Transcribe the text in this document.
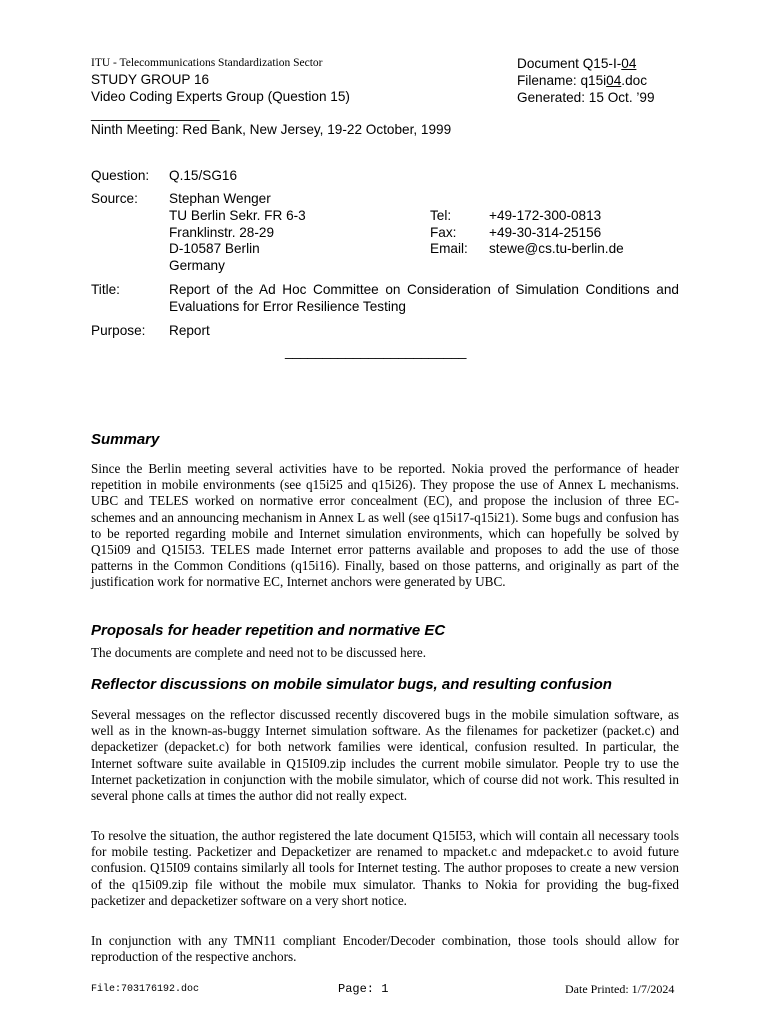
ITU - Telecommunications Standardization Sector
STUDY GROUP 16
Video Coding Experts Group (Question 15)
_________________
Ninth Meeting: Red Bank, New Jersey, 19-22 October, 1999
Document Q15-I-04
Filename: q15i04.doc
Generated: 15 Oct. ’99
Question: Q.15/SG16
Source: Stephan Wenger
TU Berlin Sekr. FR 6-3
Franklinstr. 28-29
D-10587 Berlin
Germany
Tel:	+49-172-300-0813
Fax: +49-30-314-25156
Email: stewe@cs.tu-berlin.de
Title:	Report of the Ad Hoc Committee on Consideration of Simulation Conditions and Evaluations for Error Resilience Testing
Purpose: Report
________________________
Summary
Since the Berlin meeting several activities have to be reported. Nokia proved the performance of header repetition in mobile environments (see q15i25 and q15i26). They propose the use of Annex L mechanisms. UBC and TELES worked on normative error concealment (EC), and propose the inclusion of three EC-schemes and an announcing mechanism in Annex L as well (see q15i17-q15i21). Some bugs and confusion has to be reported regarding mobile and Internet simulation environments, which can hopefully be solved by Q15i09 and Q15I53. TELES made Internet error patterns available and proposes to add the use of those patterns in the Common Conditions (q15i16). Finally, based on those patterns, and originally as part of the justification work for normative EC, Internet anchors were generated by UBC.
Proposals for header repetition and normative EC
The documents are complete and need not to be discussed here.
Reflector discussions on mobile simulator bugs, and resulting confusion
Several messages on the reflector discussed recently discovered bugs in the mobile simulation software, as well as in the known-as-buggy Internet simulation software. As the filenames for packetizer (packet.c) and depacketizer (depacket.c) for both network families were identical, confusion resulted. In particular, the Internet software suite available in Q15I09.zip includes the current mobile simulator. People try to use the Internet packetization in conjunction with the mobile simulator, which of course did not work. This resulted in several phone calls at times the author did not really expect.
To resolve the situation, the author registered the late document Q15I53, which will contain all necessary tools for mobile testing. Packetizer and Depacketizer are renamed to mpacket.c and mdepacket.c to avoid future confusion. Q15I09 contains similarly all tools for Internet testing. The author proposes to create a new version of the q15i09.zip file without the mobile mux simulator. Thanks to Nokia for providing the bug-fixed packetizer and depacketizer software on a very short notice.
In conjunction with any TMN11 compliant Encoder/Decoder combination, those tools should allow for reproduction of the respective anchors.
File:703176192.doc	Page: 1	Date Printed: 1/7/2024
